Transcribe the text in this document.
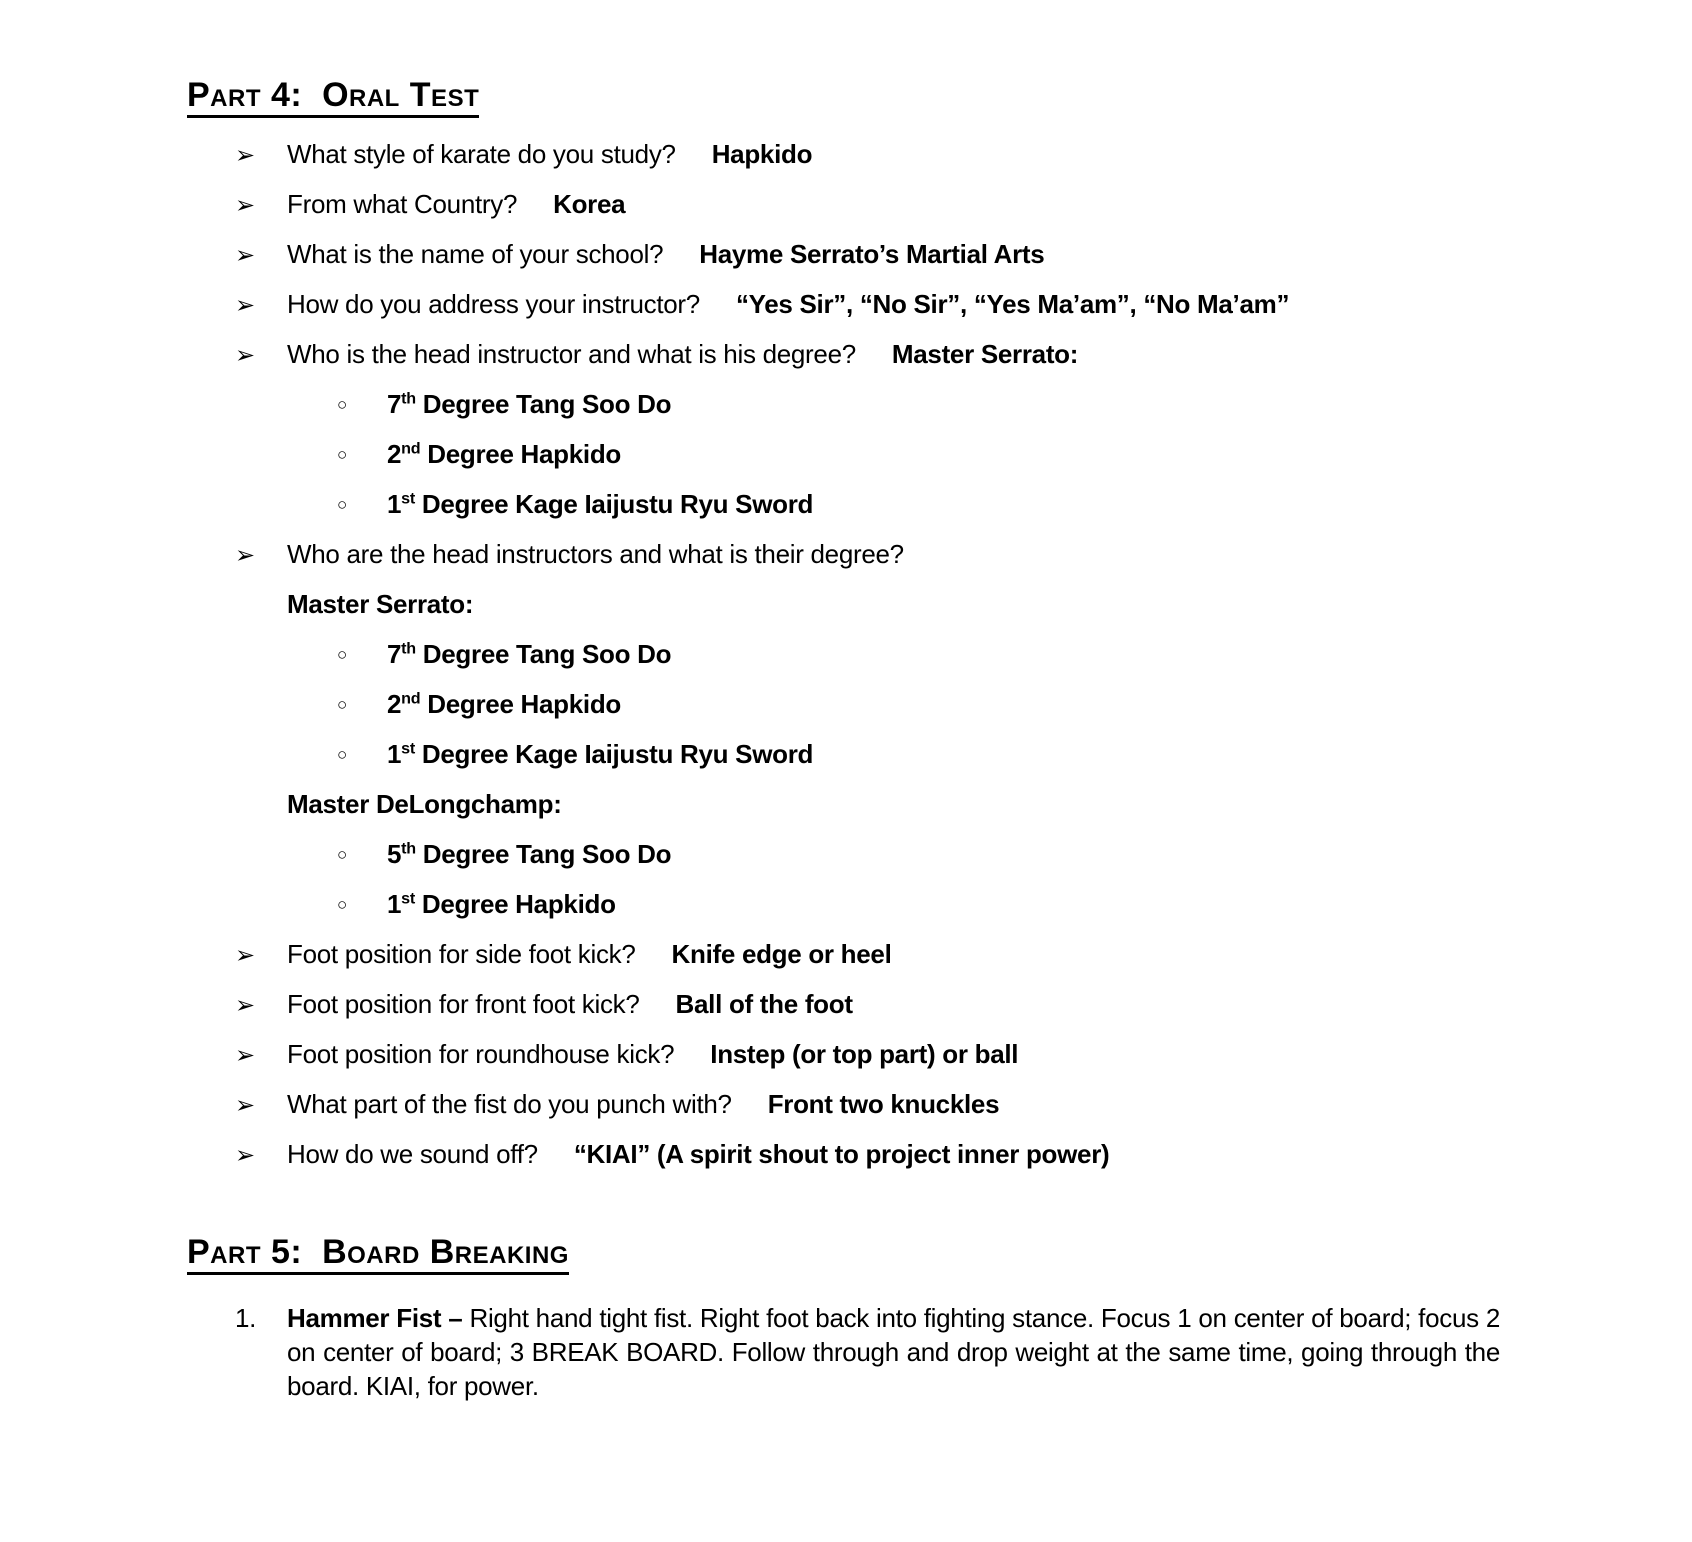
Part 4:  Oral Test
➢ What style of karate do you study? Hapkido
➢ From what Country? Korea
➢ What is the name of your school? Hayme Serrato’s Martial Arts
➢ How do you address your instructor? “Yes Sir”, “No Sir”, “Yes Ma’am”, “No Ma’am”
➢ Who is the head instructor and what is his degree? Master Serrato:
○ 7th Degree Tang Soo Do
○ 2nd Degree Hapkido
○ 1st Degree Kage Iaijustu Ryu Sword
➢ Who are the head instructors and what is their degree?
Master Serrato:
○ 7th Degree Tang Soo Do
○ 2nd Degree Hapkido
○ 1st Degree Kage Iaijustu Ryu Sword
Master DeLongchamp:
○ 5th Degree Tang Soo Do
○ 1st Degree Hapkido
➢ Foot position for side foot kick? Knife edge or heel
➢ Foot position for front foot kick? Ball of the foot
➢ Foot position for roundhouse kick? Instep (or top part) or ball
➢ What part of the fist do you punch with? Front two knuckles
➢ How do we sound off? “KIAI” (A spirit shout to project inner power)
Part 5:  Board Breaking
1. Hammer Fist – Right hand tight fist. Right foot back into fighting stance. Focus 1 on center of board; focus 2 on center of board; 3 BREAK BOARD. Follow through and drop weight at the same time, going through the board. KIAI, for power.
